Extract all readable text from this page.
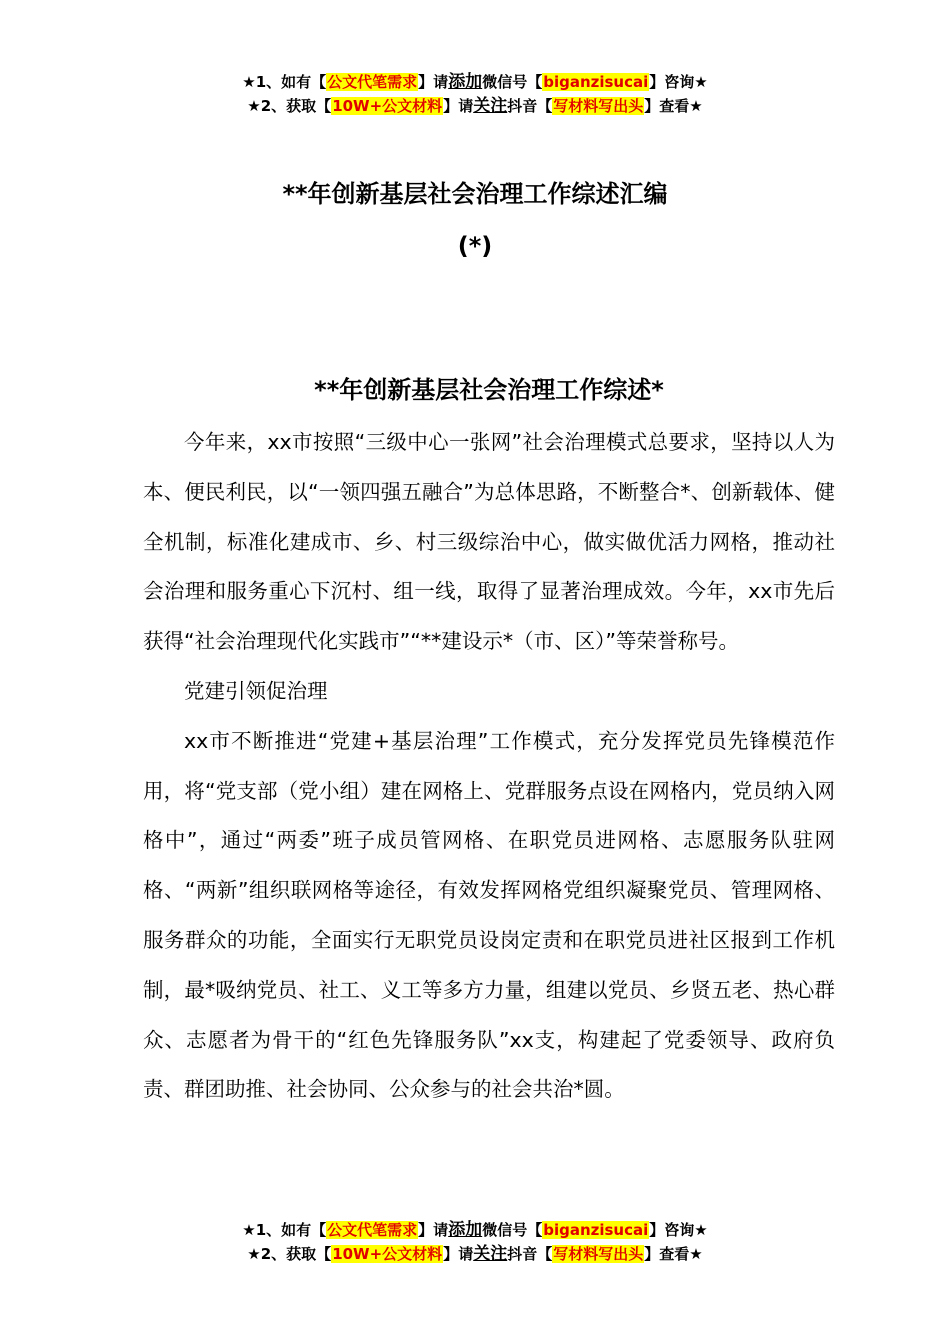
★1、如有【公文代笔需求】请添加微信号【biganzisucai】咨询★
★2、获取【10W+公文材料】请关注抖音【写材料写出头】查看★
**年创新基层社会治理工作综述汇编
(*)
**年创新基层社会治理工作综述*

今年来，xx市按照“三级中心一张网”社会治理模式总要求，坚持以人为本、便民利民，以“一领四强五融合”为总体思路，不断整合*、创新载体、健全机制，标准化建成市、乡、村三级综治中心，做实做优活力网格，推动社会治理和服务重心下沉村、组一线，取得了显著治理成效。今年，xx市先后获得“社会治理现代化实践市”“**建设示*（市、区）”等荣誉称号。

党建引领促治理

xx市不断推进“党建+基层治理”工作模式，充分发挥党员先锋模范作用，将“党支部（党小组）建在网格上、党群服务点设在网格内，党员纳入网格中”，通过“两委”班子成员管网格、在职党员进网格、志愿服务队驻网格、“两新”组织联网格等途径，有效发挥网格党组织凝聚党员、管理网格、服务群众的功能，全面实行无职党员设岗定责和在职党员进社区报到工作机制，最*吸纳党员、社工、义工等多方力量，组建以党员、乡贤五老、热心群众、志愿者为骨干的“红色先锋服务队”xx支，构建起了党委领导、政府负责、群团助推、社会协同、公众参与的社会共治*圆。

★1、如有【公文代笔需求】请添加微信号【biganzisucai】咨询★
★2、获取【10W+公文材料】请关注抖音【写材料写出头】查看★
